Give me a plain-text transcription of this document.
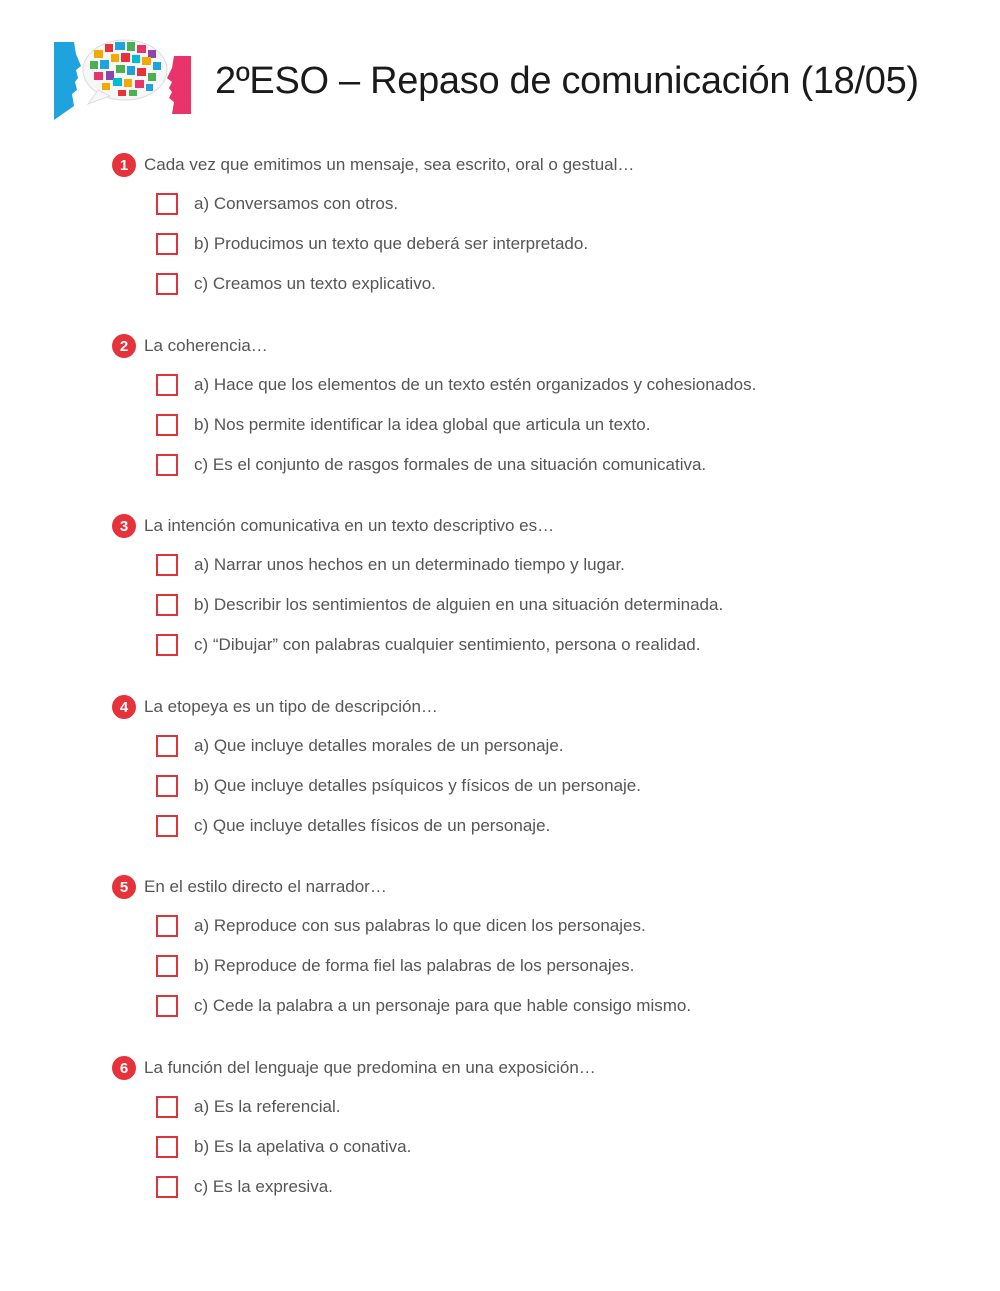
2ºESO – Repaso de comunicación (18/05)
1 Cada vez que emitimos un mensaje, sea escrito, oral o gestual…
a) Conversamos con otros.
b) Producimos un texto que deberá ser interpretado.
c) Creamos un texto explicativo.
2 La coherencia…
a) Hace que los elementos de un texto estén organizados y cohesionados.
b) Nos permite identificar la idea global que articula un texto.
c) Es el conjunto de rasgos formales de una situación comunicativa.
3 La intención comunicativa en un texto descriptivo es…
a) Narrar unos hechos en un determinado tiempo y lugar.
b) Describir los sentimientos de alguien en una situación determinada.
c) “Dibujar” con palabras cualquier sentimiento, persona o realidad.
4 La etopeya es un tipo de descripción…
a) Que incluye detalles morales de un personaje.
b) Que incluye detalles psíquicos y físicos de un personaje.
c) Que incluye detalles físicos de un personaje.
5 En el estilo directo el narrador…
a) Reproduce con sus palabras lo que dicen los personajes.
b) Reproduce de forma fiel las palabras de los personajes.
c) Cede la palabra a un personaje para que hable consigo mismo.
6 La función del lenguaje que predomina en una exposición…
a) Es la referencial.
b) Es la apelativa o conativa.
c) Es la expresiva.
